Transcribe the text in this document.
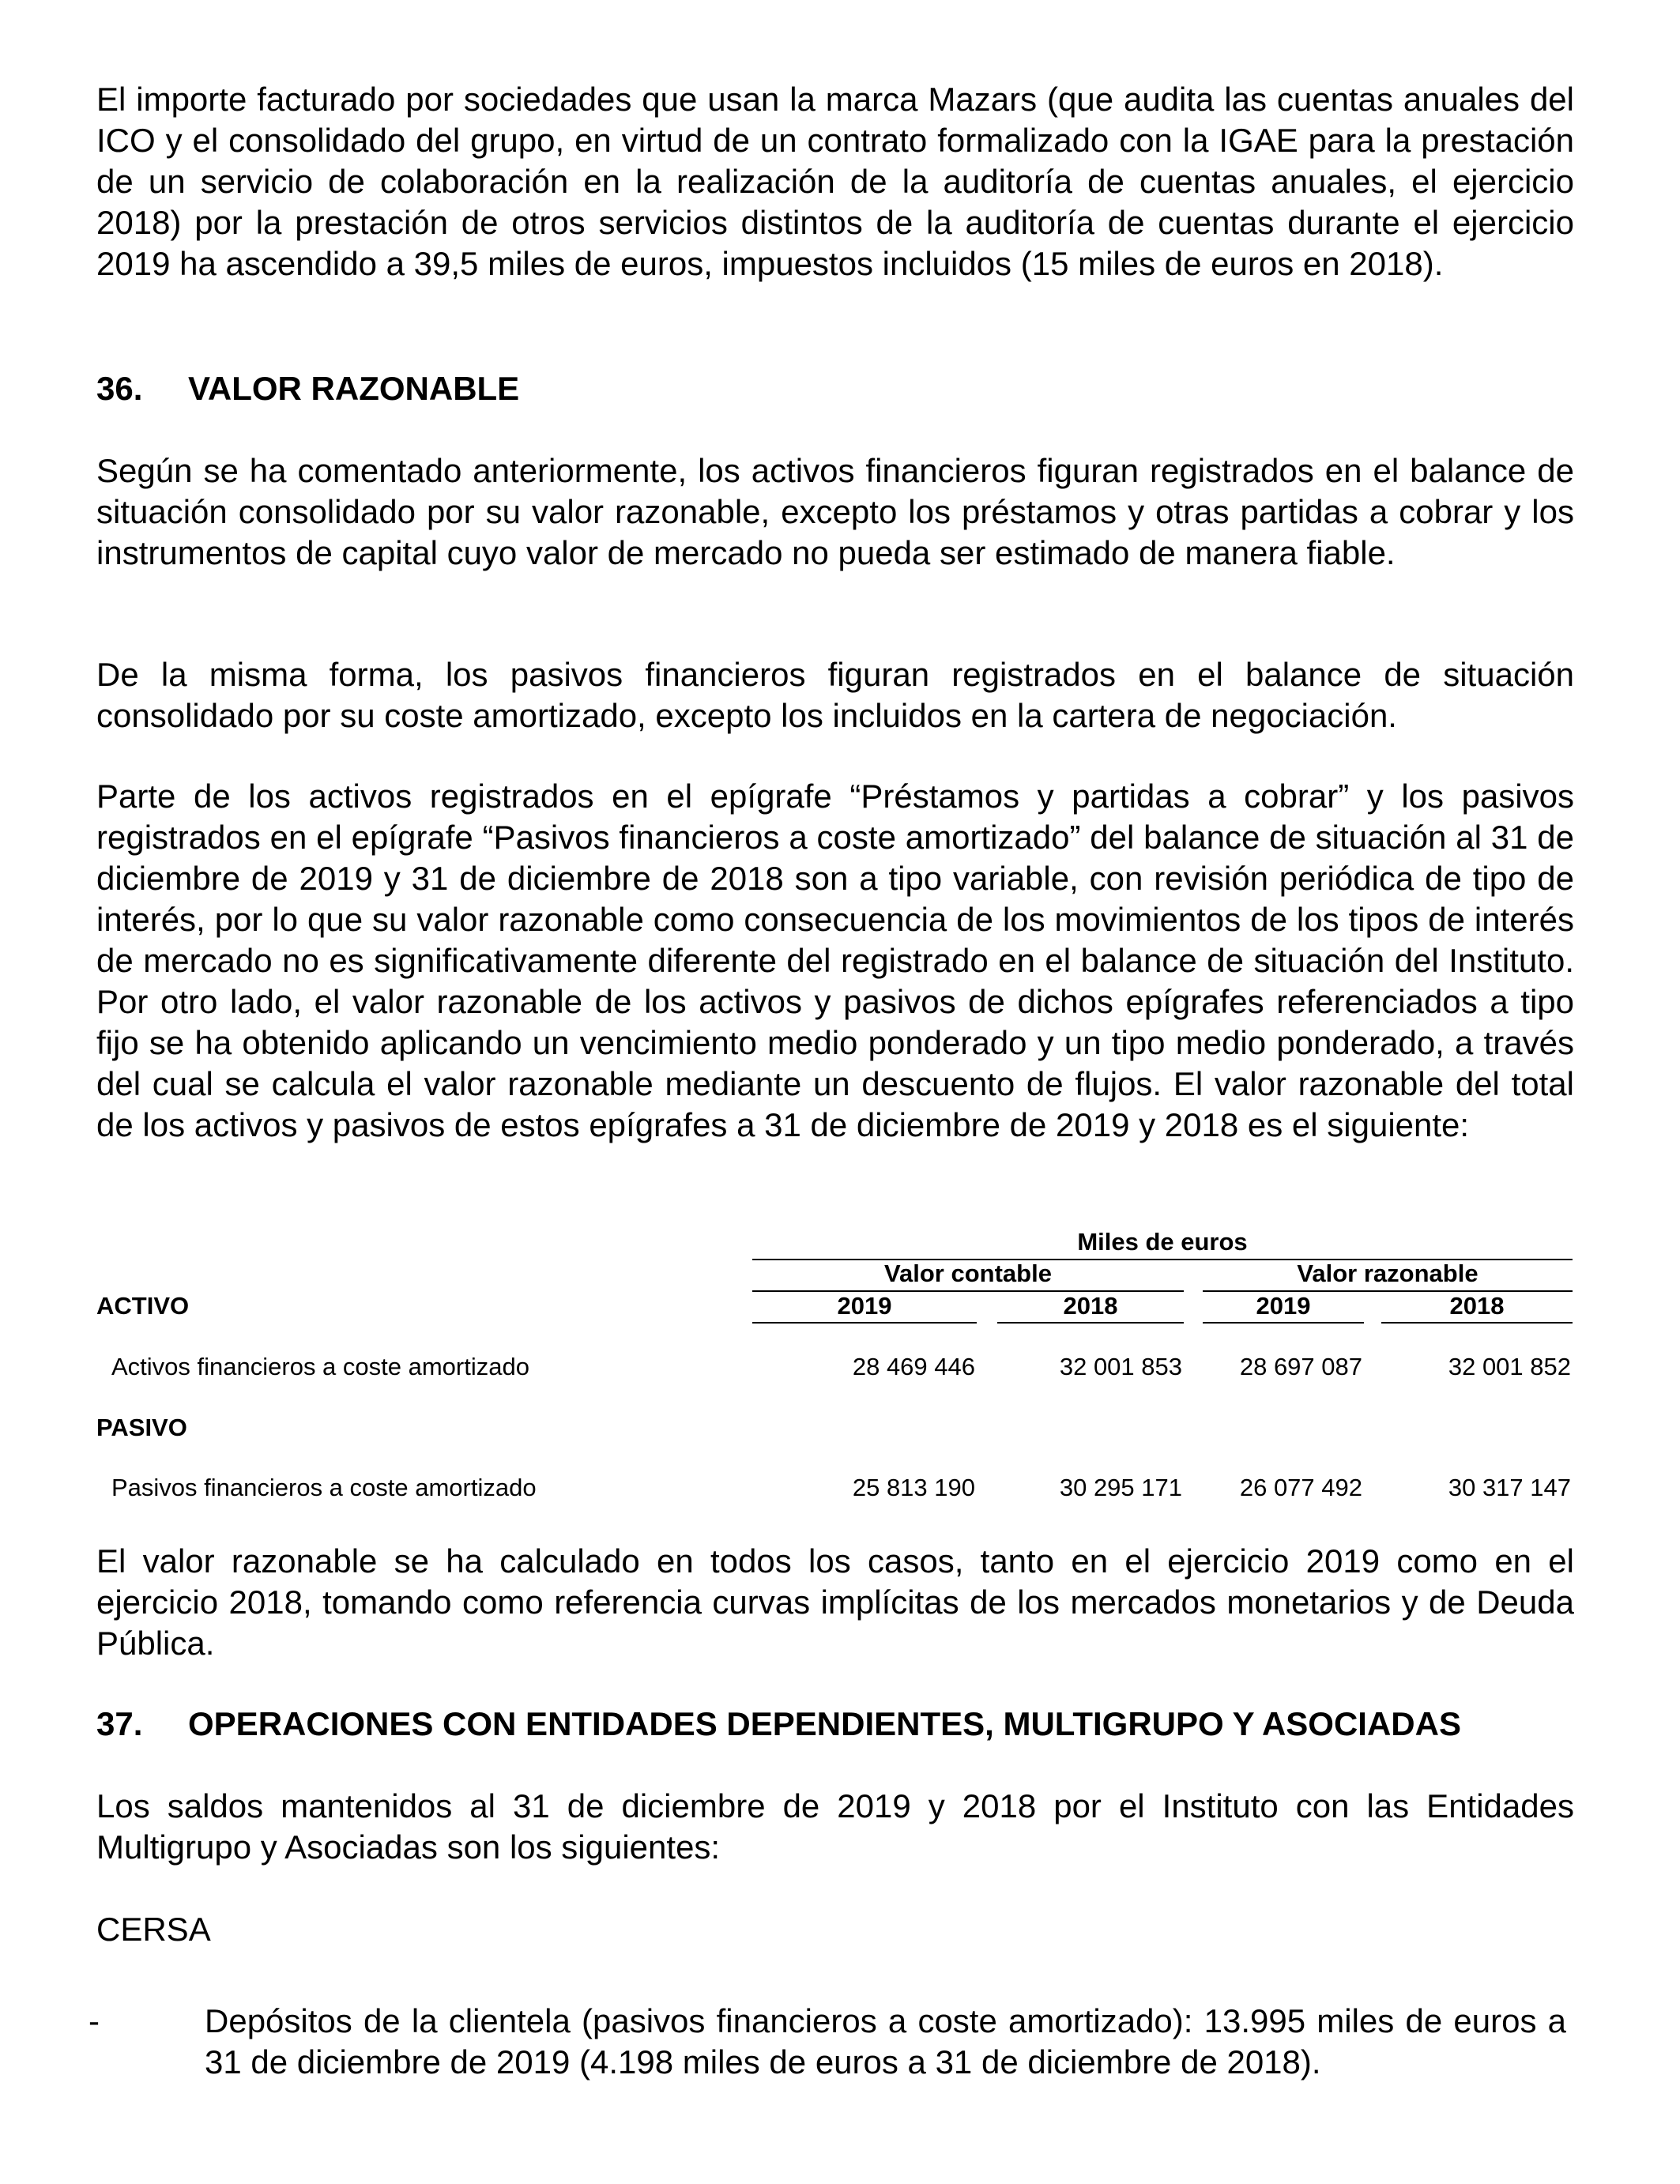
El importe facturado por sociedades que usan la marca Mazars (que audita las cuentas anuales del ICO y el consolidado del grupo, en virtud de un contrato formalizado con la IGAE para la prestación de un servicio de colaboración en la realización de la auditoría de cuentas anuales, el ejercicio 2018) por la prestación de otros servicios distintos de la auditoría de cuentas durante el ejercicio 2019 ha ascendido a 39,5 miles de euros, impuestos incluidos (15 miles de euros en 2018).

36. VALOR RAZONABLE

Según se ha comentado anteriormente, los activos financieros figuran registrados en el balance de situación consolidado por su valor razonable, excepto los préstamos y otras partidas a cobrar y los instrumentos de capital cuyo valor de mercado no pueda ser estimado de manera fiable.

De la misma forma, los pasivos financieros figuran registrados en el balance de situación consolidado por su coste amortizado, excepto los incluidos en la cartera de negociación.

Parte de los activos registrados en el epígrafe “Préstamos y partidas a cobrar” y los pasivos registrados en el epígrafe “Pasivos financieros a coste amortizado” del balance de situación al 31 de diciembre de 2019 y 31 de diciembre de 2018 son a tipo variable, con revisión periódica de tipo de interés, por lo que su valor razonable como consecuencia de los movimientos de los tipos de interés de mercado no es significativamente diferente del registrado en el balance de situación del Instituto. Por otro lado, el valor razonable de los activos y pasivos de dichos epígrafes referenciados a tipo fijo se ha obtenido aplicando un vencimiento medio ponderado y un tipo medio ponderado, a través del cual se calcula el valor razonable mediante un descuento de flujos. El valor razonable del total de los activos y pasivos de estos epígrafes a 31 de diciembre de 2019 y 2018 es el siguiente:

Miles de euros
Valor contable	Valor razonable
ACTIVO	2019	2018	2019	2018
Activos financieros a coste amortizado	28 469 446	32 001 853	28 697 087	32 001 852
PASIVO
Pasivos financieros a coste amortizado	25 813 190	30 295 171	26 077 492	30 317 147

El valor razonable se ha calculado en todos los casos, tanto en el ejercicio 2019 como en el ejercicio 2018, tomando como referencia curvas implícitas de los mercados monetarios y de Deuda Pública.

37. OPERACIONES CON ENTIDADES DEPENDIENTES, MULTIGRUPO Y ASOCIADAS

Los saldos mantenidos al 31 de diciembre de 2019 y 2018 por el Instituto con las Entidades Multigrupo y Asociadas son los siguientes:

CERSA

-	Depósitos de la clientela (pasivos financieros a coste amortizado): 13.995 miles de euros a 31 de diciembre de 2019 (4.198 miles de euros a 31 de diciembre de 2018).
